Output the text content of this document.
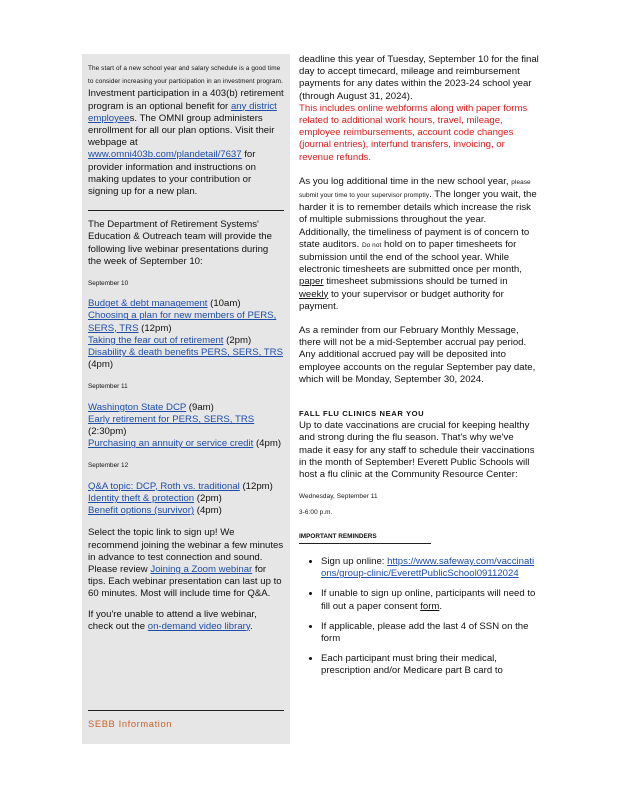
The start of a new school year and salary schedule is a good time to consider increasing your participation in an investment program. Investment participation in a 403(b) retirement program is an optional benefit for any district employees. The OMNI group administers enrollment for all our plan options. Visit their webpage at www.omni403b.com/plandetail/7637 for provider information and instructions on making updates to your contribution or signing up for a new plan.

The Department of Retirement Systems' Education & Outreach team will provide the following live webinar presentations during the week of September 10:

September 10

Budget & debt management (10am)

Choosing a plan for new members of PERS, SERS, TRS (12pm)

Taking the fear out of retirement (2pm)

Disability & death benefits PERS, SERS, TRS (4pm)

September 11

Washington State DCP (9am)

Early retirement for PERS, SERS, TRS (2:30pm)

Purchasing an annuity or service credit (4pm)

September 12

Q&A topic: DCP, Roth vs. traditional (12pm)

Identity theft & protection (2pm)

Benefit options (survivor) (4pm)

Select the topic link to sign up! We recommend joining the webinar a few minutes in advance to test connection and sound. Please review Joining a Zoom webinar for tips. Each webinar presentation can last up to 60 minutes. Most will include time for Q&A.

If you're unable to attend a live webinar, check out the on-demand video library.

SEBB Information

deadline this year of Tuesday, September 10 for the final day to accept timecard, mileage and reimbursement payments for any dates within the 2023-24 school year (through August 31, 2024).

This includes online webforms along with paper forms related to additional work hours, travel, mileage, employee reimbursements, account code changes (journal entries), interfund transfers, invoicing, or revenue refunds.

As you log additional time in the new school year, please submit your time to your supervisor promptly. The longer you wait, the harder it is to remember details which increase the risk of multiple submissions throughout the year. Additionally, the timeliness of payment is of concern to state auditors. Do not hold on to paper timesheets for submission until the end of the school year. While electronic timesheets are submitted once per month, paper timesheet submissions should be turned in weekly to your supervisor or budget authority for payment.

As a reminder from our February Monthly Message, there will not be a mid-September accrual pay period. Any additional accrued pay will be deposited into employee accounts on the regular September pay date, which will be Monday, September 30, 2024.

FALL FLU CLINICS NEAR YOU

Up to date vaccinations are crucial for keeping healthy and strong during the flu season. That's why we've made it easy for any staff to schedule their vaccinations in the month of September! Everett Public Schools will host a flu clinic at the Community Resource Center:

Wednesday, September 11

3-6:00 p.m.

IMPORTANT REMINDERS
• Sign up online: https://www.safeway.com/vaccinations/group-clinic/EverettPublicSchool09112024
• If unable to sign up online, participants will need to fill out a paper consent form.
• If applicable, please add the last 4 of SSN on the form
• Each participant must bring their medical, prescription and/or Medicare part B card to
